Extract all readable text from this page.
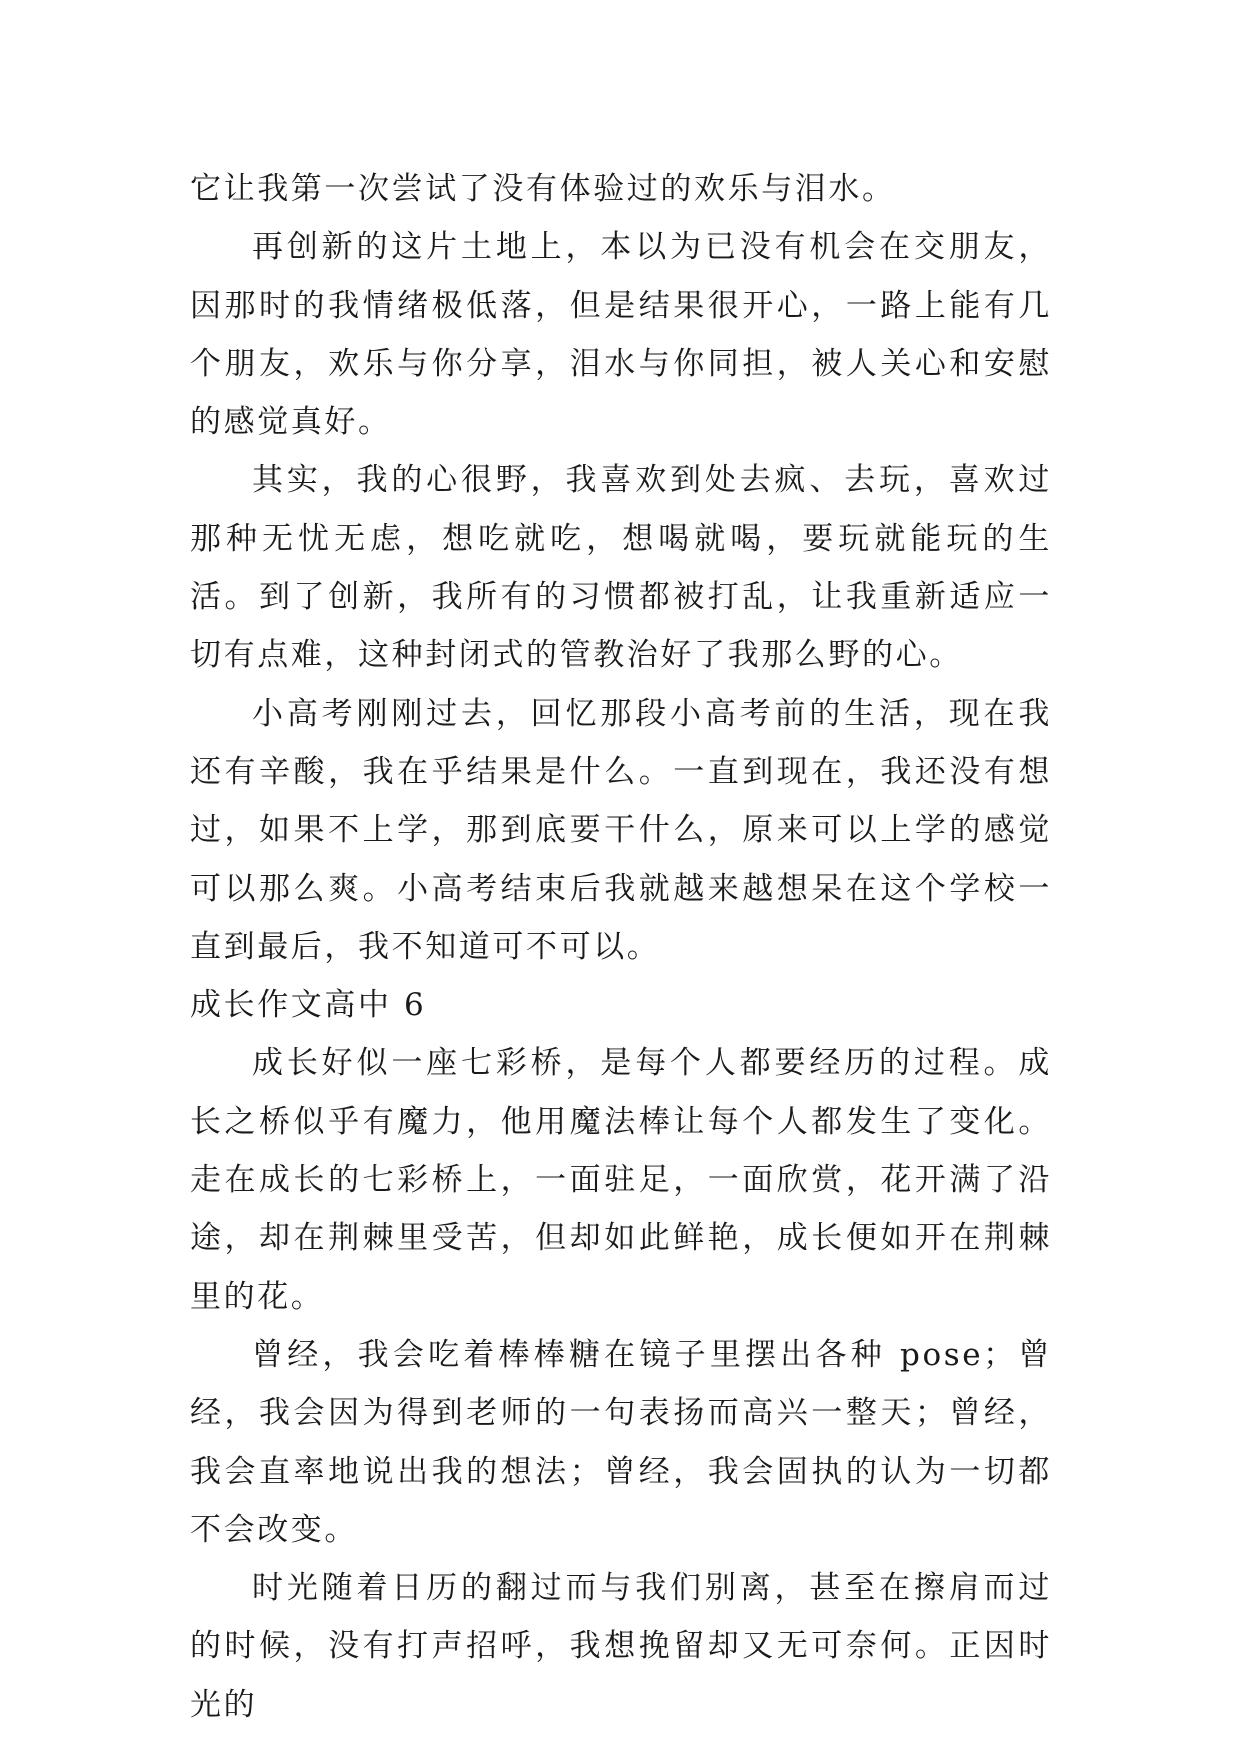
它让我第一次尝试了没有体验过的欢乐与泪水。

再创新的这片土地上，本以为已没有机会在交朋友，因那时的我情绪极低落，但是结果很开心，一路上能有几个朋友，欢乐与你分享，泪水与你同担，被人关心和安慰的感觉真好。

其实，我的心很野，我喜欢到处去疯、去玩，喜欢过那种无忧无虑，想吃就吃，想喝就喝，要玩就能玩的生活。到了创新，我所有的习惯都被打乱，让我重新适应一切有点难，这种封闭式的管教治好了我那么野的心。

小高考刚刚过去，回忆那段小高考前的生活，现在我还有辛酸，我在乎结果是什么。一直到现在，我还没有想过，如果不上学，那到底要干什么，原来可以上学的感觉可以那么爽。小高考结束后我就越来越想呆在这个学校一直到最后，我不知道可不可以。

成长作文高中 6

成长好似一座七彩桥，是每个人都要经历的过程。成长之桥似乎有魔力，他用魔法棒让每个人都发生了变化。走在成长的七彩桥上，一面驻足，一面欣赏，花开满了沿途，却在荆棘里受苦，但却如此鲜艳，成长便如开在荆棘里的花。

曾经，我会吃着棒棒糖在镜子里摆出各种 pose；曾经，我会因为得到老师的一句表扬而高兴一整天；曾经，我会直率地说出我的想法；曾经，我会固执的认为一切都不会改变。

时光随着日历的翻过而与我们别离，甚至在擦肩而过的时候，没有打声招呼，我想挽留却又无可奈何。正因时光的
